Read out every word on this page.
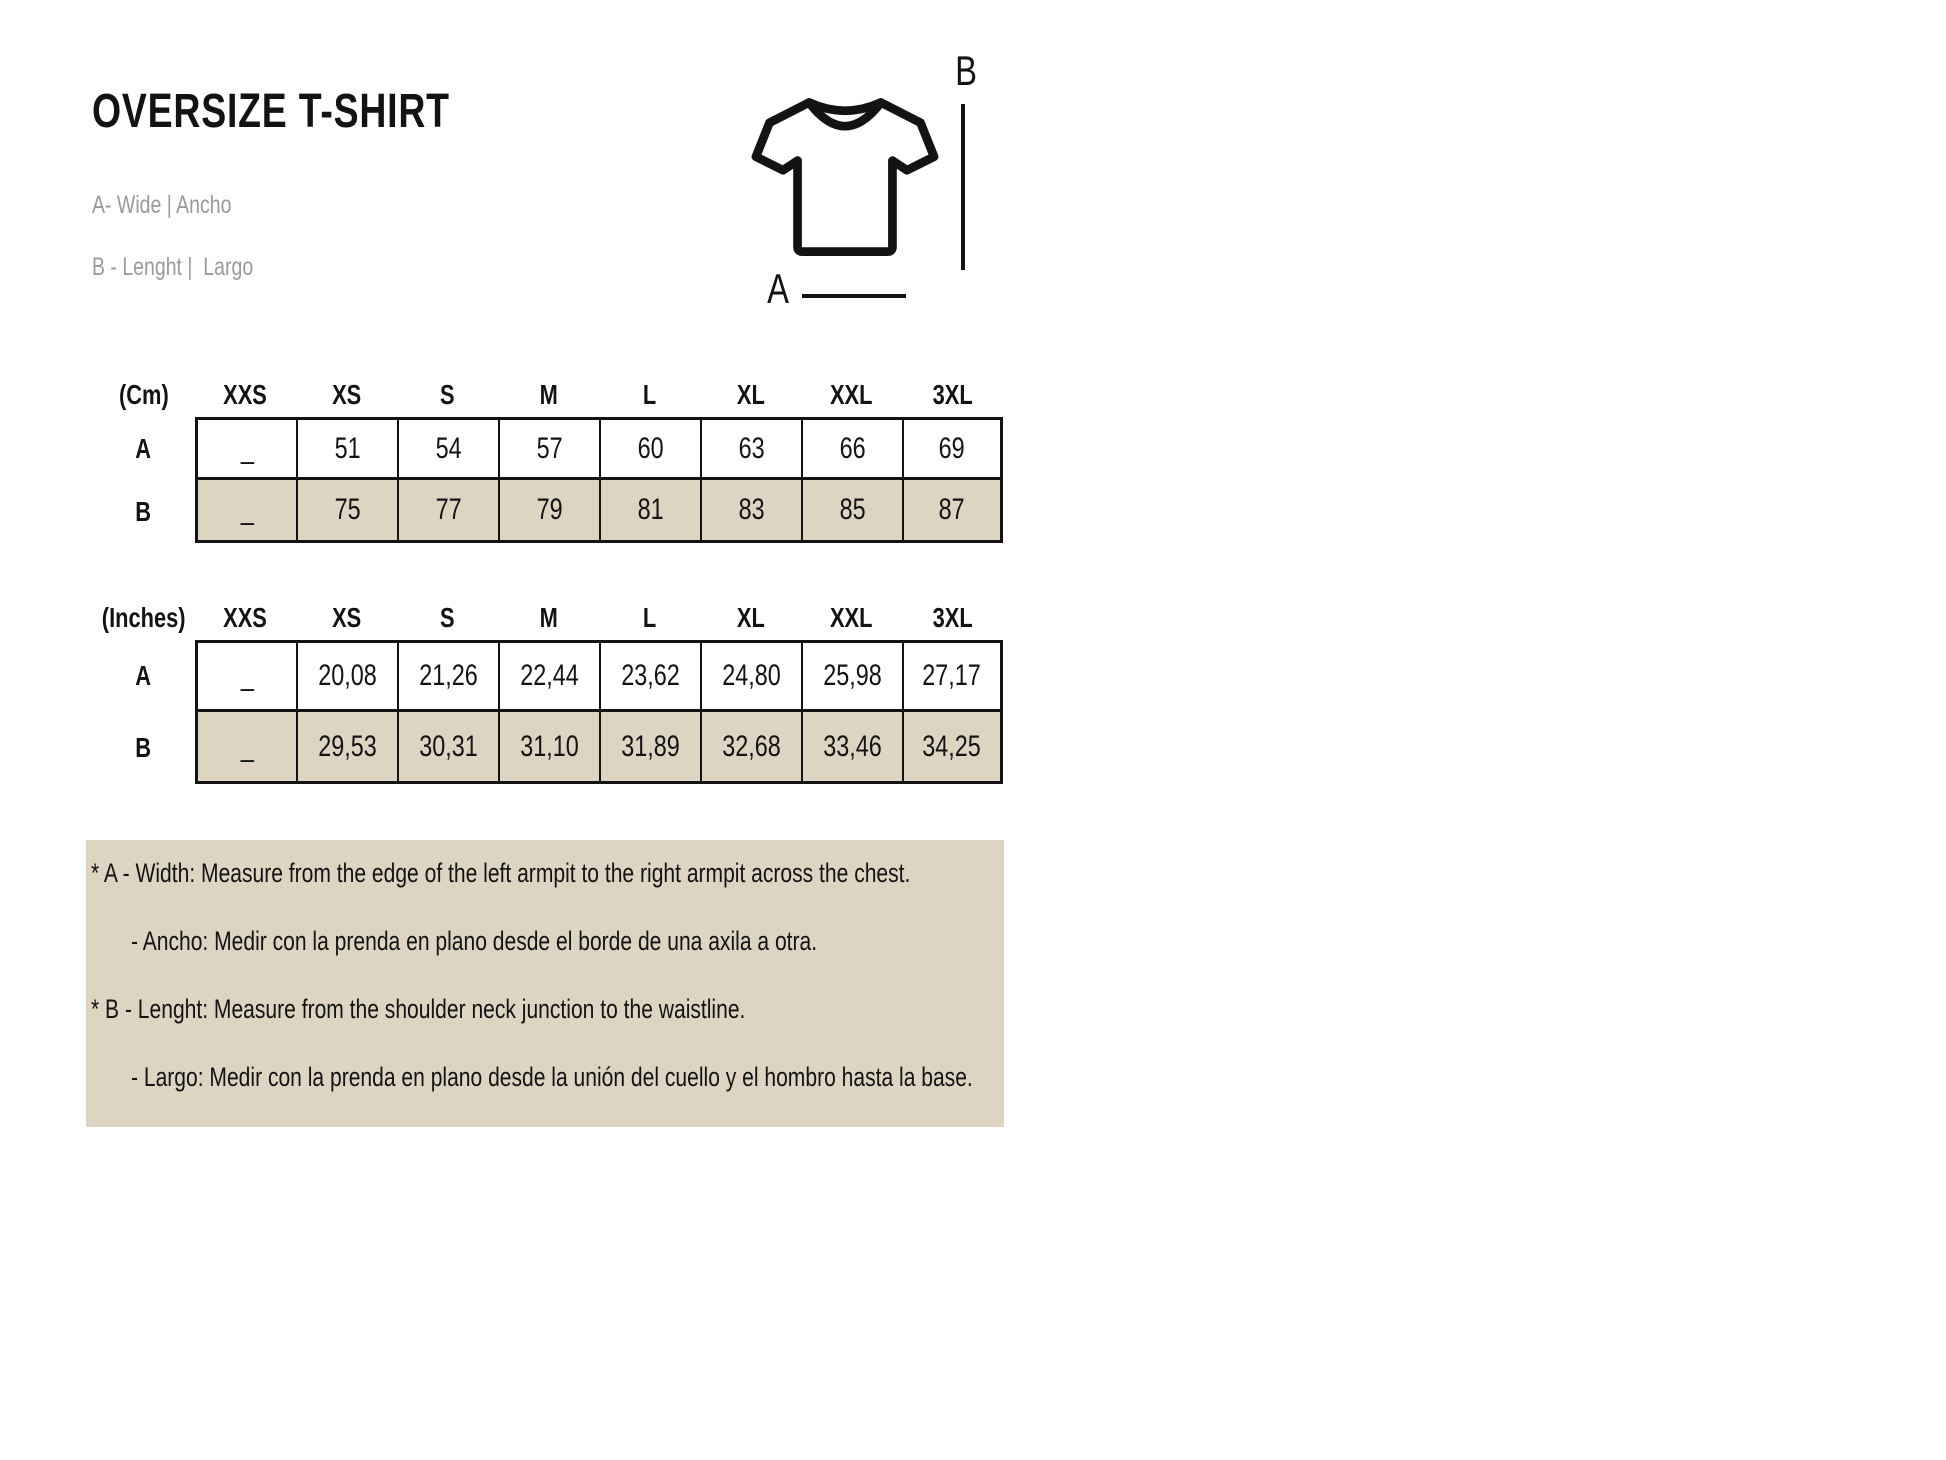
OVERSIZE T-SHIRT
A- Wide | Ancho
B - Lenght |  Largo
B
A
(Cm) XXS XS	S	M	L	XL XXL 3XL
A	_	51 54 57 60 63 66 69
B	_	75 77 79 81 83 85 87
(Inches) XXS XS	S	M	L	XL XXL 3XL
A	_ 20,08 21,26 22,44 23,62 24,80 25,98 27,17
B	_ 29,53 30,31 31,10 31,89 32,68 33,46 34,25
* A - Width: Measure from the edge of the left armpit to the right armpit across the chest.
- Ancho: Medir con la prenda en plano desde el borde de una axila a otra.
* B - Lenght: Measure from the shoulder neck junction to the waistline.
- Largo: Medir con la prenda en plano desde la unión del cuello y el hombro hasta la base.
